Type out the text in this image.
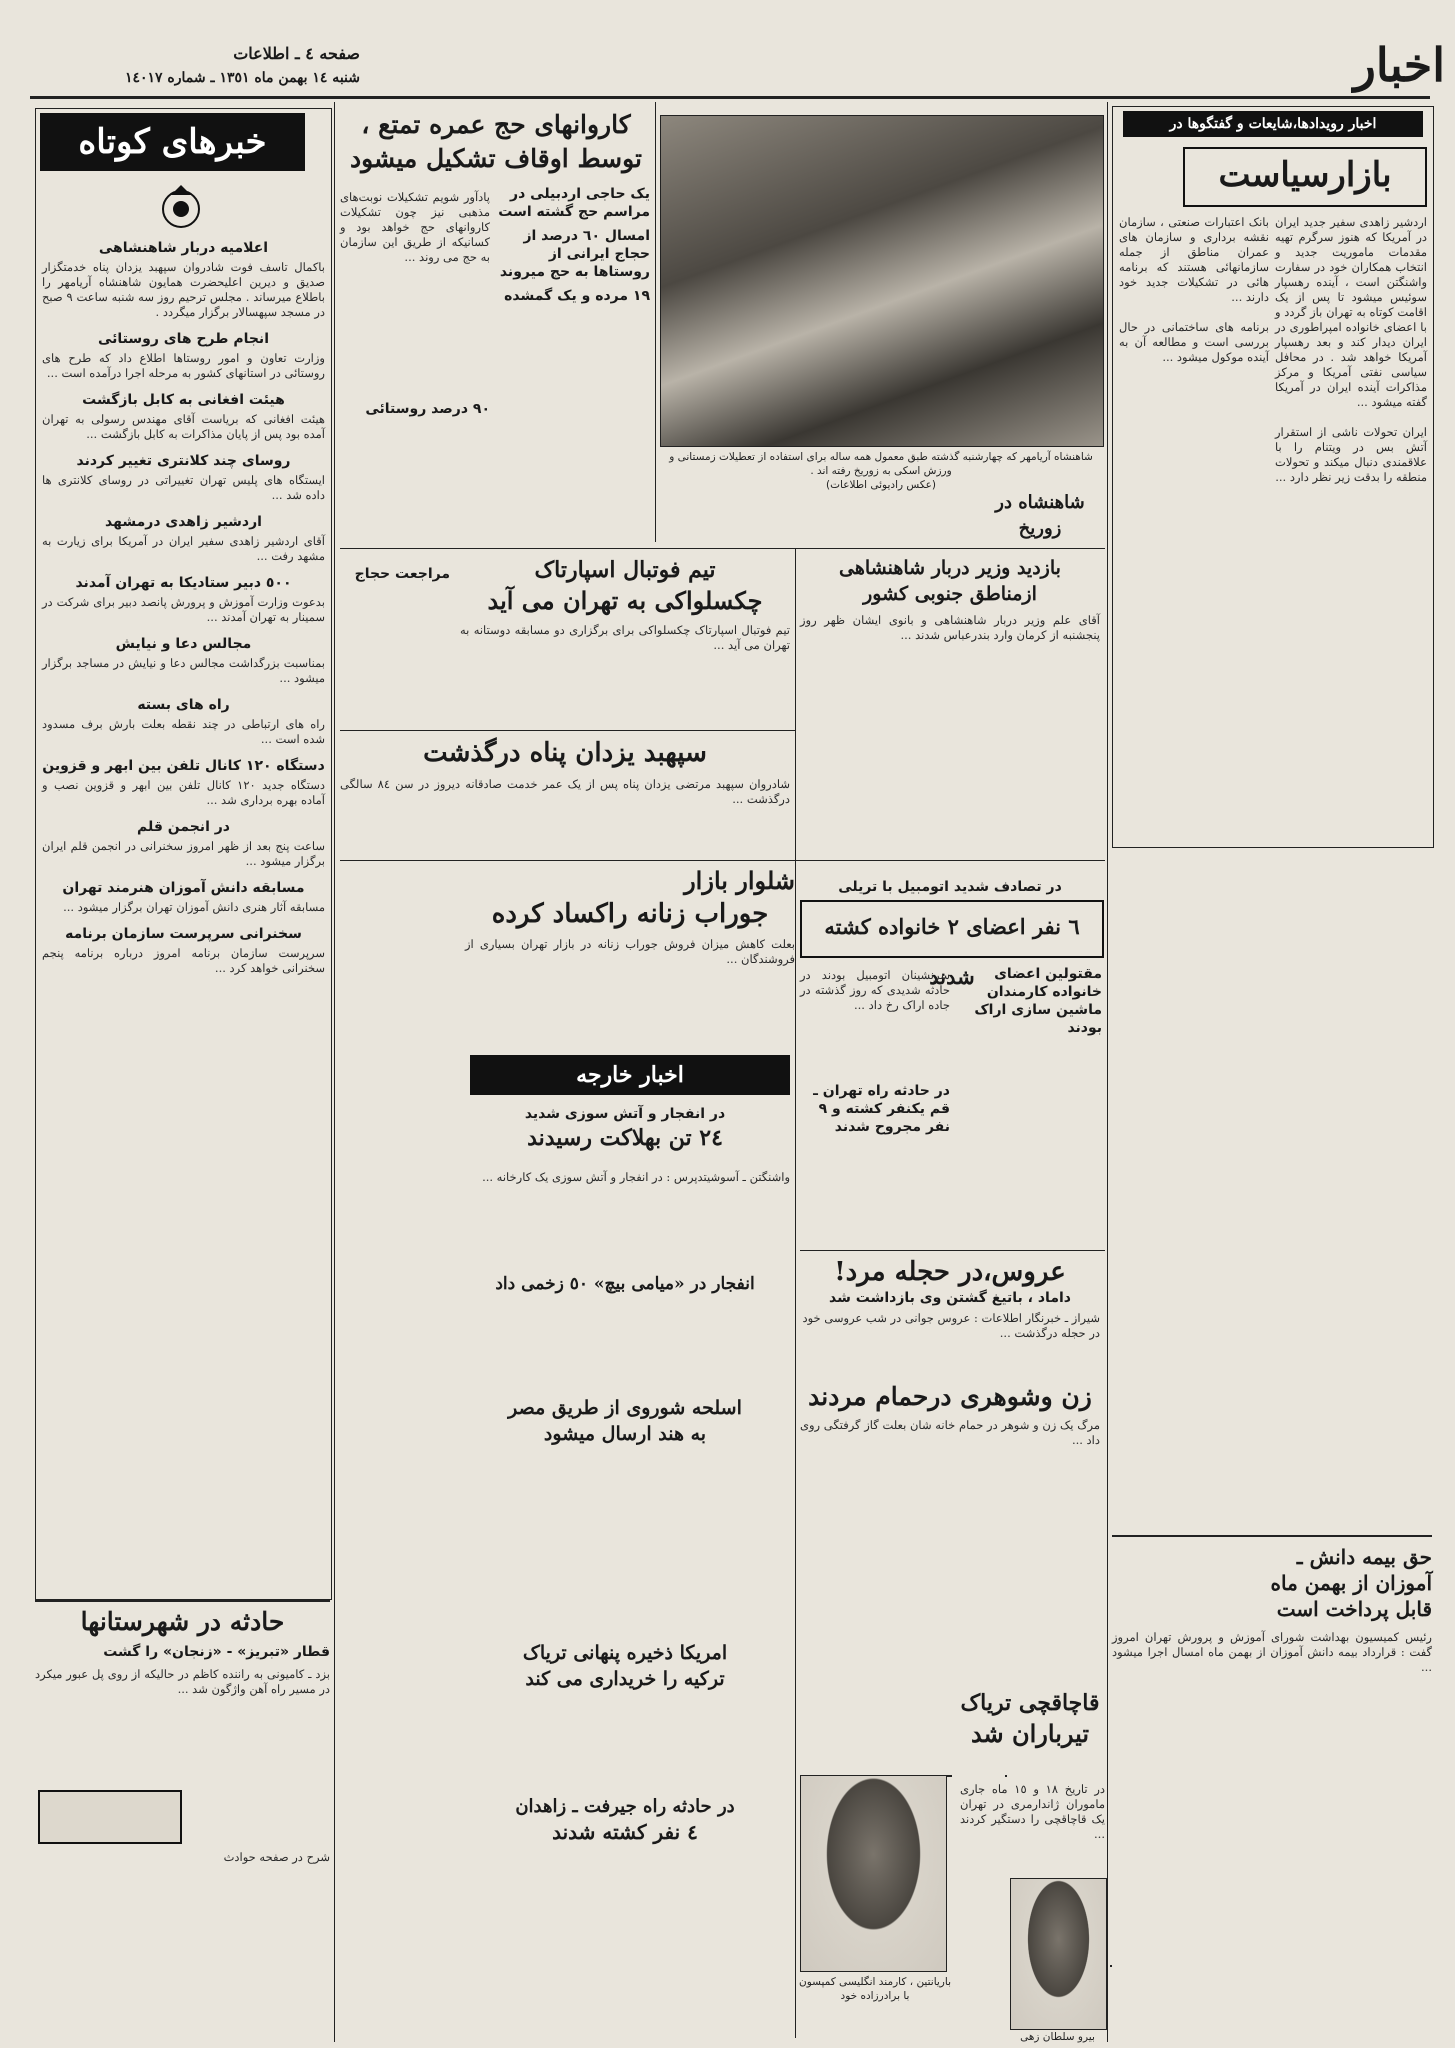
اخبار
صفحه ٤ ـ اطلاعات
شنبه ١٤ بهمن ماه ١٣٥١ ـ شماره ١٤٠١٧
اخبار رویدادها،شایعات و گفتگوها در
بازارسیاست
اردشیر زاهدی سفیر جدید ایران در آمریکا که هنوز سرگرم تهیه مقدمات ماموریت جدید و انتخاب همکاران خود در سفارت واشنگتن است ، آینده رهسپار سوئیس میشود تا پس از یک اقامت کوتاه به تهران باز گردد و با اعضای خانواده امپراطوری در ایران دیدار کند و بعد رهسپار آمریکا خواهد شد . در محافل سیاسی نفتی آمریکا و مرکز مذاکرات آینده ایران در آمریکا گفته میشود ...

ایران تحولات ناشی از استقرار آتش بس در ویتنام را با علاقمندی دنبال میکند و تحولات منطقه را بدقت زیر نظر دارد ...
بانک اعتبارات صنعتی ، سازمان نقشه برداری و سازمان های عمران مناطق از جمله سازمانهائی هستند که برنامه هائی در تشکیلات جدید خود دارند ...

برنامه های ساختمانی در حال بررسی است و مطالعه آن به آینده موکول میشود ...
حق بیمه دانش ـ
آموزان از بهمن ماه
قابل پرداخت است
رئیس کمیسیون بهداشت شورای آموزش و پرورش تهران امروز گفت : قرارداد بیمه دانش آموزان از بهمن ماه امسال اجرا میشود ...
شاهنشاه آریامهر که چهارشنبه گذشته طبق معمول همه ساله برای استفاده از تعطیلات زمستانی و ورزش اسکی به زوریخ رفته اند .
(عکس رادیوئی اطلاعات)
شاهنشاه در زوریخ
بازدید وزیر دربار شاهنشاهی
ازمناطق جنوبی کشور
آقای علم وزیر دربار شاهنشاهی و بانوی ایشان ظهر روز پنجشنبه از کرمان وارد بندرعباس شدند ...
تیم فوتبال اسپارتاک
چکسلواکی به تهران می آید
تیم فوتبال اسپارتاک چکسلواکی برای برگزاری دو مسابقه دوستانه به تهران می آید ...
سپهبد یزدان پناه درگذشت
شادروان سپهبد مرتضی یزدان پناه پس از یک عمر خدمت صادقانه دیروز در سن ٨٤ سالگی درگذشت ...
شلوار بازار
جوراب زنانه راکساد کرده
بعلت کاهش میزان فروش جوراب زنانه در بازار تهران بسیاری از فروشندگان ...
در تصادف شدید اتومبیل با تریلی
٦ نفر اعضای ٢ خانواده کشته شدند	مقتولین اعضای خانواده کارمندان ماشین سازی اراک بودند
در حادثه راه تهران ـ قم یکنفر کشته و ٩ نفر مجروح شدند
سرنشینان اتومبیل بودند در حادثه شدیدی که روز گذشته در جاده اراک رخ داد ...
اخبار خارجه
در انفجار و آتش سوزی شدید
٢٤ تن بهلاکت رسیدند
واشنگتن ـ آسوشیتدپرس : در انفجار و آتش سوزی یک کارخانه ...
انفجار در «میامی بیچ» ٥٠ زخمی داد
اسلحه شوروی از طریق مصر
به هند ارسال میشود
امریکا ذخیره پنهانی تریاک
ترکیه را خریداری می کند
در حادثه راه جیرفت ـ زاهدان
٤ نفر کشته شدند
عروس،در حجله مرد!
داماد ، باتیغ گشتن وی بازداشت شد
شیراز ـ خبرنگار اطلاعات : عروس جوانی در شب عروسی خود در حجله درگذشت ...
زن وشوهری درحمام مردند
مرگ یک زن و شوهر در حمام خانه شان بعلت گاز گرفتگی روی داد ...
قاچاقچی تریاک
تیرباران شد
در تاریخ ١٨ و ١٥ ماه جاری ماموران ژاندارمری در تهران یک قاچاقچی را دستگیر کردند ...
بیرو سلطان زهی
باریانتین ، کارمند انگلیسی کمپسون با برادرزاده خود
کاروانهای حج عمره تمتع ،
توسط اوقاف تشکیل میشود
یک حاجی اردبیلی در مراسم حج گشته است
امسال ٦٠ درصد از حجاج ایرانی از روستاها به حج میروند
١٩ مرده و یک گمشده
٩٠ درصد روستائی
مراجعت حجاج
پادآور شویم تشکیلات نوبت‌های مذهبی نیز چون تشکیلات کاروانهای حج خواهد بود و کسانیکه از طریق این سازمان به حج می روند ...
خبرهای کوتاه
اعلامیه دربار شاهنشاهی
باکمال تاسف فوت شادروان سپهبد یزدان پناه خدمتگزار صدیق و دیرین اعلیحضرت همایون شاهنشاه آریامهر را باطلاع میرساند . مجلس ترحیم روز سه شنبه ساعت ٩ صبح در مسجد سپهسالار برگزار میگردد .
انجام طرح های روستائی
وزارت تعاون و امور روستاها اطلاع داد که طرح های روستائی در استانهای کشور به مرحله اجرا درآمده است ...
هیئت افغانی به کابل بازگشت
هیئت افغانی که بریاست آقای مهندس رسولی به تهران آمده بود پس از پایان مذاکرات به کابل بازگشت ...
روسای چند کلانتری تغییر کردند
ایستگاه های پلیس تهران تغییراتی در روسای کلانتری ها داده شد ...
اردشیر زاهدی درمشهد
آقای اردشیر زاهدی سفیر ایران در آمریکا برای زیارت به مشهد رفت ...
٥٠٠ دبیر ستادیکا به تهران آمدند
بدعوت وزارت آموزش و پرورش پانصد دبیر برای شرکت در سمینار به تهران آمدند ...
مجالس دعا و نیایش
بمناسبت بزرگداشت مجالس دعا و نیایش در مساجد برگزار میشود ...
راه های بسته
راه های ارتباطی در چند نقطه بعلت بارش برف مسدود شده است ...
دستگاه ١٢٠ کانال تلفن بین ابهر و قزوین
دستگاه جدید ١٢٠ کانال تلفن بین ابهر و قزوین نصب و آماده بهره برداری شد ...
در انجمن قلم
ساعت پنج بعد از ظهر امروز سخنرانی در انجمن قلم ایران برگزار میشود ...
مسابقه دانش آموزان هنرمند تهران
مسابقه آثار هنری دانش آموزان تهران برگزار میشود ...
سخنرانی سرپرست سازمان برنامه
سرپرست سازمان برنامه امروز درباره برنامه پنجم سخنرانی خواهد کرد ...
حادثه در شهرستانها
قطار «تبریز» - «زنجان» را گشت
بزد ـ کامیونی به راننده کاظم در حالیکه از روی پل عبور میکرد در مسیر راه آهن واژگون شد ...
شرح در صفحه حوادث
